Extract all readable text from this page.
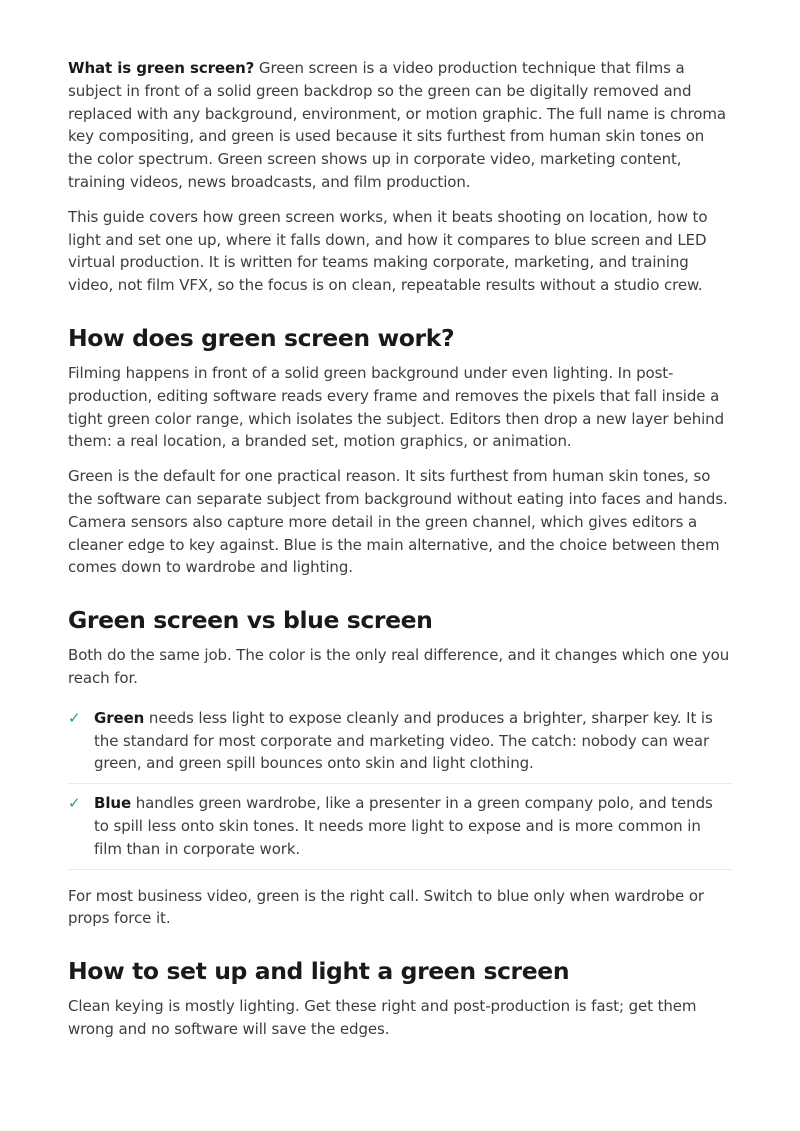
What is green screen? Green screen is a video production technique that films a subject in front of a solid green backdrop so the green can be digitally removed and replaced with any background, environment, or motion graphic. The full name is chroma key compositing, and green is used because it sits furthest from human skin tones on the color spectrum. Green screen shows up in corporate video, marketing content, training videos, news broadcasts, and film production.

This guide covers how green screen works, when it beats shooting on location, how to light and set one up, where it falls down, and how it compares to blue screen and LED virtual production. It is written for teams making corporate, marketing, and training video, not film VFX, so the focus is on clean, repeatable results without a studio crew.

How does green screen work?

Filming happens in front of a solid green background under even lighting. In post-production, editing software reads every frame and removes the pixels that fall inside a tight green color range, which isolates the subject. Editors then drop a new layer behind them: a real location, a branded set, motion graphics, or animation.

Green is the default for one practical reason. It sits furthest from human skin tones, so the software can separate subject from background without eating into faces and hands. Camera sensors also capture more detail in the green channel, which gives editors a cleaner edge to key against. Blue is the main alternative, and the choice between them comes down to wardrobe and lighting.

Green screen vs blue screen

Both do the same job. The color is the only real difference, and it changes which one you reach for.

✓ Green needs less light to expose cleanly and produces a brighter, sharper key. It is the standard for most corporate and marketing video. The catch: nobody can wear green, and green spill bounces onto skin and light clothing.
✓ Blue handles green wardrobe, like a presenter in a green company polo, and tends to spill less onto skin tones. It needs more light to expose and is more common in film than in corporate work.

For most business video, green is the right call. Switch to blue only when wardrobe or props force it.

How to set up and light a green screen

Clean keying is mostly lighting. Get these right and post-production is fast; get them wrong and no software will save the edges.
